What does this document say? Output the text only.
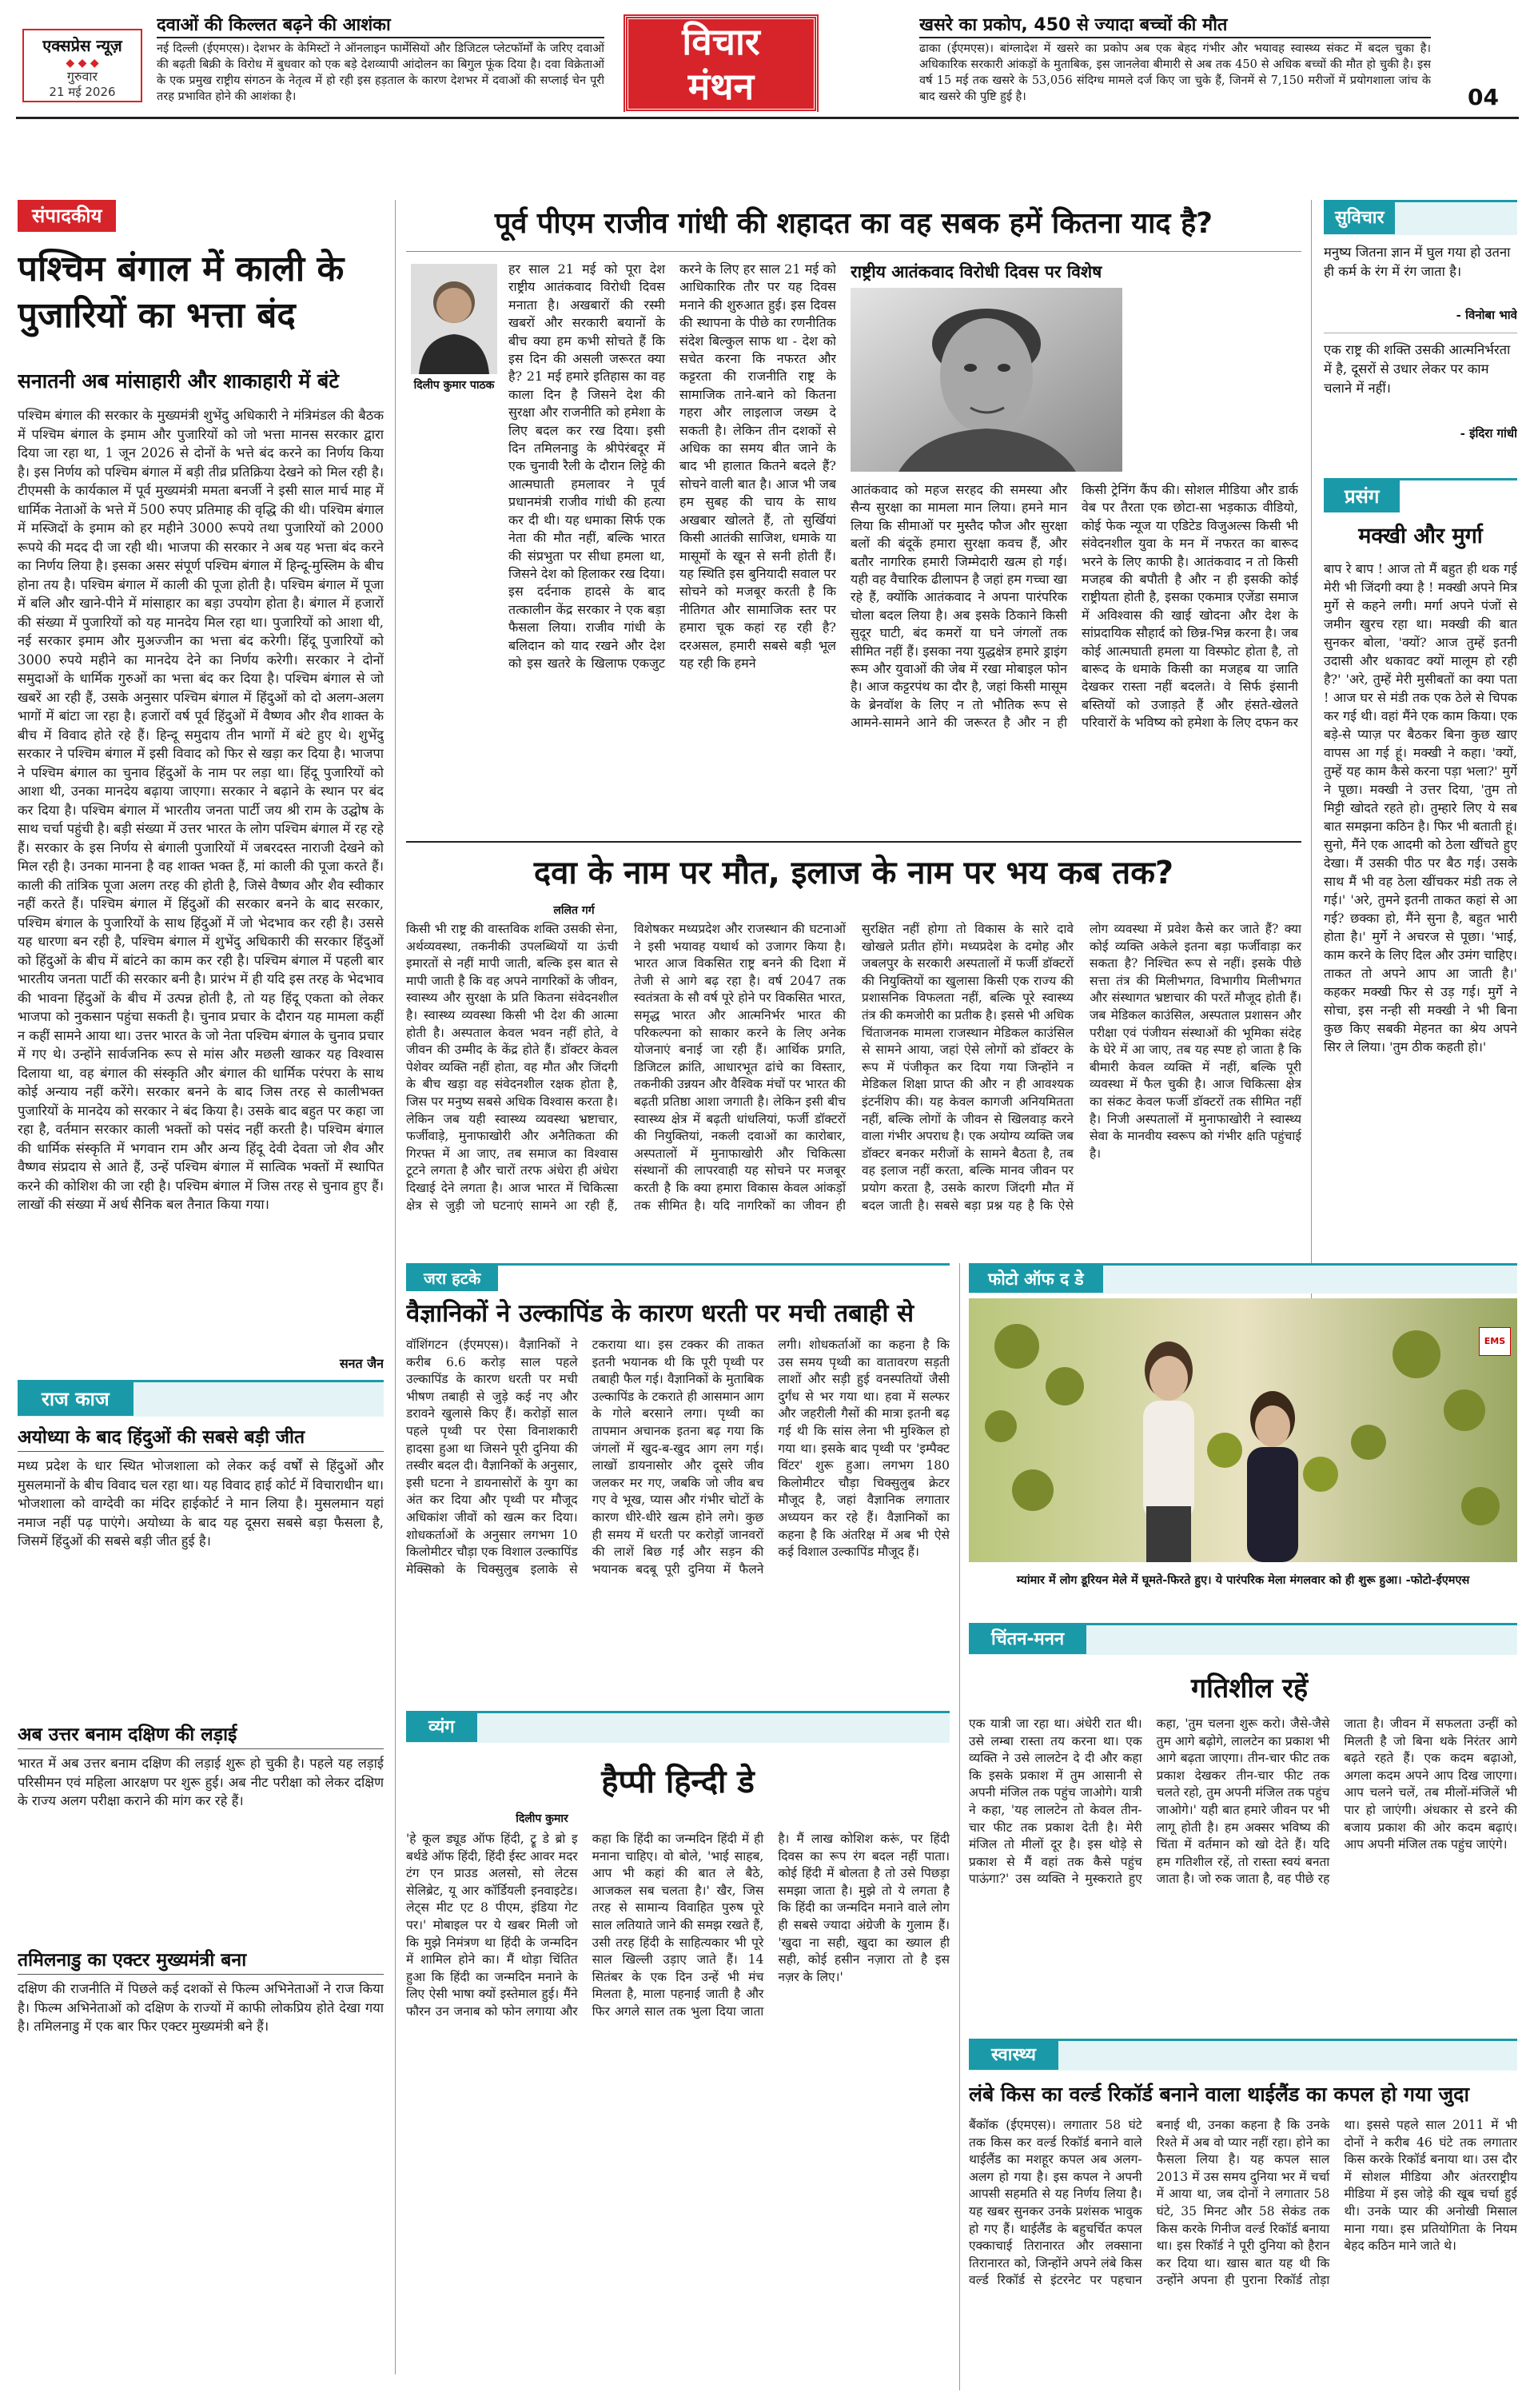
एक्सप्रेस न्यूज़
◆ ◆ ◆
गुरुवार
21 मई 2026
दवाओं की किल्लत बढ़ने की आशंका
नई दिल्ली (ईएमएस)। देशभर के केमिस्टों ने ऑनलाइन फार्मेसियों और डिजिटल प्लेटफॉर्मों के जरिए दवाओं की बढ़ती बिक्री के विरोध में बुधवार को एक बड़े देशव्यापी आंदोलन का बिगुल फूंक दिया है। दवा विक्रेताओं के एक प्रमुख राष्ट्रीय संगठन के नेतृत्व में हो रही इस हड़ताल के कारण देशभर में दवाओं की सप्लाई चेन पूरी तरह प्रभावित होने की आशंका है।
विचार
मंथन
खसरे का प्रकोप, 450 से ज्यादा बच्चों की मौत
ढाका (ईएमएस)। बांग्लादेश में खसरे का प्रकोप अब एक बेहद गंभीर और भयावह स्वास्थ्य संकट में बदल चुका है। अधिकारिक सरकारी आंकड़ों के मुताबिक, इस जानलेवा बीमारी से अब तक 450 से अधिक बच्चों की मौत हो चुकी है। इस वर्ष 15 मई तक खसरे के 53,056 संदिग्ध मामले दर्ज किए जा चुके हैं, जिनमें से 7,150 मरीजों में प्रयोगशाला जांच के बाद खसरे की पुष्टि हुई है।	04
संपादकीय
पश्चिम बंगाल में काली के पुजारियों का भत्ता बंद
सनातनी अब मांसाहारी और शाकाहारी में बंटे
पश्चिम बंगाल की सरकार के मुख्यमंत्री शुभेंदु अधिकारी ने मंत्रिमंडल की बैठक में पश्चिम बंगाल के इमाम और पुजारियों को जो भत्ता मानस सरकार द्वारा दिया जा रहा था, 1 जून 2026 से दोनों के भत्ते बंद करने का निर्णय किया है। इस निर्णय को पश्चिम बंगाल में बड़ी तीव्र प्रतिक्रिया देखने को मिल रही है। टीएमसी के कार्यकाल में पूर्व मुख्यमंत्री ममता बनर्जी ने इसी साल मार्च माह में धार्मिक नेताओं के भत्ते में 500 रुपए प्रतिमाह की वृद्धि की थी। पश्चिम बंगाल में मस्जिदों के इमाम को हर महीने 3000 रूपये तथा पुजारियों को 2000 रूपये की मदद दी जा रही थी। भाजपा की सरकार ने अब यह भत्ता बंद करने का निर्णय लिया है। इसका असर संपूर्ण पश्चिम बंगाल में हिन्दू-मुस्लिम के बीच होना तय है। पश्चिम बंगाल में काली की पूजा होती है। पश्चिम बंगाल में पूजा में बलि और खाने-पीने में मांसाहार का बड़ा उपयोग होता है। बंगाल में हजारों की संख्या में पुजारियों को यह मानदेय मिल रहा था। पुजारियों को आशा थी, नई सरकार इमाम और मुअज्जीन का भत्ता बंद करेगी। हिंदू पुजारियों को 3000 रुपये महीने का मानदेय देने का निर्णय करेगी। सरकार ने दोनों समुदाओं के धार्मिक गुरुओं का भत्ता बंद कर दिया है। पश्चिम बंगाल से जो खबरें आ रही हैं, उसके अनुसार पश्चिम बंगाल में हिंदुओं को दो अलग-अलग भागों में बांटा जा रहा है। हजारों वर्ष पूर्व हिंदुओं में वैष्णव और शैव शाक्त के बीच में विवाद होते रहे हैं। हिन्दू समुदाय तीन भागों में बंटे हुए थे। शुभेंदु सरकार ने पश्चिम बंगाल में इसी विवाद को फिर से खड़ा कर दिया है। भाजपा ने पश्चिम बंगाल का चुनाव हिंदुओं के नाम पर लड़ा था। हिंदू पुजारियों को आशा थी, उनका मानदेय बढ़ाया जाएगा। सरकार ने बढ़ाने के स्थान पर बंद कर दिया है। पश्चिम बंगाल में भारतीय जनता पार्टी जय श्री राम के उद्घोष के साथ चर्चा पहुंची है। बड़ी संख्या में उत्तर भारत के लोग पश्चिम बंगाल में रह रहे हैं। सरकार के इस निर्णय से बंगाली पुजारियों में जबरदस्त नाराजी देखने को मिल रही है। उनका मानना है वह शाक्त भक्त हैं, मां काली की पूजा करते हैं। काली की तांत्रिक पूजा अलग तरह की होती है, जिसे वैष्णव और शैव स्वीकार नहीं करते हैं। पश्चिम बंगाल में हिंदुओं की सरकार बनने के बाद सरकार, पश्चिम बंगाल के पुजारियों के साथ हिंदुओं में जो भेदभाव कर रही है। उससे यह धारणा बन रही है, पश्चिम बंगाल में शुभेंदु अधिकारी की सरकार हिंदुओं को हिंदुओं के बीच में बांटने का काम कर रही है। पश्चिम बंगाल में पहली बार भारतीय जनता पार्टी की सरकार बनी है। प्रारंभ में ही यदि इस तरह के भेदभाव की भावना हिंदुओं के बीच में उत्पन्न होती है, तो यह हिंदू एकता को लेकर भाजपा को नुकसान पहुंचा सकती है। चुनाव प्रचार के दौरान यह मामला कहीं न कहीं सामने आया था। उत्तर भारत के जो नेता पश्चिम बंगाल के चुनाव प्रचार में गए थे। उन्होंने सार्वजनिक रूप से मांस और मछली खाकर यह विश्वास दिलाया था, वह बंगाल की संस्कृति और बंगाल की धार्मिक परंपरा के साथ कोई अन्याय नहीं करेंगे। सरकार बनने के बाद जिस तरह से कालीभक्त पुजारियों के मानदेय को सरकार ने बंद किया है। उसके बाद बहुत पर कहा जा रहा है, वर्तमान सरकार काली भक्तों को पसंद नहीं करती है। पश्चिम बंगाल की धार्मिक संस्कृति में भगवान राम और अन्य हिंदू देवी देवता जो शैव और वैष्णव संप्रदाय से आते हैं, उन्हें पश्चिम बंगाल में सात्विक भक्तों में स्थापित करने की कोशिश की जा रही है। पश्चिम बंगाल में जिस तरह से चुनाव हुए हैं। लाखों की संख्या में अर्ध सैनिक बल तैनात किया गया।
सनत जैन
राज काज
अयोध्या के बाद हिंदुओं की सबसे बड़ी जीत
मध्य प्रदेश के धार स्थित भोजशाला को लेकर कई वर्षों से हिंदुओं और मुसलमानों के बीच विवाद चल रहा था। यह विवाद हाई कोर्ट में विचाराधीन था। भोजशाला को वाग्देवी का मंदिर हाईकोर्ट ने मान लिया है। मुसलमान यहां नमाज नहीं पढ़ पाएंगे। अयोध्या के बाद यह दूसरा सबसे बड़ा फैसला है, जिसमें हिंदुओं की सबसे बड़ी जीत हुई है।
अब उत्तर बनाम दक्षिण की लड़ाई
भारत में अब उत्तर बनाम दक्षिण की लड़ाई शुरू हो चुकी है। पहले यह लड़ाई परिसीमन एवं महिला आरक्षण पर शुरू हुई। अब नीट परीक्षा को लेकर दक्षिण के राज्य अलग परीक्षा कराने की मांग कर रहे हैं।
तमिलनाडु का एक्टर मुख्यमंत्री बना
दक्षिण की राजनीति में पिछले कई दशकों से फिल्म अभिनेताओं ने राज किया है। फिल्म अभिनेताओं को दक्षिण के राज्यों में काफी लोकप्रिय होते देखा गया है। तमिलनाडु में एक बार फिर एक्टर मुख्यमंत्री बने हैं।
पूर्व पीएम राजीव गांधी की शहादत का वह सबक हमें कितना याद है?
दिलीप कुमार पाठक
हर साल 21 मई को पूरा देश राष्ट्रीय आतंकवाद विरोधी दिवस मनाता है। अखबारों की रस्मी खबरों और सरकारी बयानों के बीच क्या हम कभी सोचते हैं कि इस दिन की असली जरूरत क्या है? 21 मई हमारे इतिहास का वह काला दिन है जिसने देश की सुरक्षा और राजनीति को हमेशा के लिए बदल कर रख दिया। इसी दिन तमिलनाडु के श्रीपेरंबदूर में एक चुनावी रैली के दौरान लिट्टे की आत्मघाती हमलावर ने पूर्व प्रधानमंत्री राजीव गांधी की हत्या कर दी थी। यह धमाका सिर्फ एक नेता की मौत नहीं, बल्कि भारत की संप्रभुता पर सीधा हमला था, जिसने देश को हिलाकर रख दिया। इस दर्दनाक हादसे के बाद तत्कालीन केंद्र सरकार ने एक बड़ा फैसला लिया। राजीव गांधी के बलिदान को याद रखने और देश को इस खतरे के खिलाफ एकजुट करने के लिए हर साल 21 मई को आधिकारिक तौर पर यह दिवस मनाने की शुरुआत हुई। इस दिवस की स्थापना के पीछे का रणनीतिक संदेश बिल्कुल साफ था - देश को सचेत करना कि नफरत और कट्टरता की राजनीति राष्ट्र के सामाजिक ताने-बाने को कितना गहरा और लाइलाज जख्म दे सकती है। लेकिन तीन दशकों से अधिक का समय बीत जाने के बाद भी हालात कितने बदले हैं? सोचने वाली बात है। आज भी जब हम सुबह की चाय के साथ अखबार खोलते हैं, तो सुर्खियां किसी आतंकी साजिश, धमाके या मासूमों के खून से सनी होती हैं। यह स्थिति इस बुनियादी सवाल पर सोचने को मजबूर करती है कि नीतिगत और सामाजिक स्तर पर हमारा चूक कहां रह रही है? दरअसल, हमारी सबसे बड़ी भूल यह रही कि हमने
राष्ट्रीय आतंकवाद विरोधी दिवस पर विशेष
आतंकवाद को महज सरहद की समस्या और सैन्य सुरक्षा का मामला मान लिया। हमने मान लिया कि सीमाओं पर मुस्तैद फौज और सुरक्षा बलों की बंदूकें हमारा सुरक्षा कवच हैं, और बतौर नागरिक हमारी जिम्मेदारी खत्म हो गई। यही वह वैचारिक ढीलापन है जहां हम गच्चा खा रहे हैं, क्योंकि आतंकवाद ने अपना पारंपरिक चोला बदल लिया है। अब इसके ठिकाने किसी सुदूर घाटी, बंद कमरों या घने जंगलों तक सीमित नहीं हैं। इसका नया युद्धक्षेत्र हमारे ड्राइंग रूम और युवाओं की जेब में रखा मोबाइल फोन है। आज कट्टरपंथ का दौर है, जहां किसी मासूम के ब्रेनवॉश के लिए न तो भौतिक रूप से आमने-सामने आने की जरूरत है और न ही किसी ट्रेनिंग कैंप की। सोशल मीडिया और डार्क वेब पर तैरता एक छोटा-सा भड़काऊ वीडियो, कोई फेक न्यूज या एडिटेड विजुअल्स किसी भी संवेदनशील युवा के मन में नफरत का बारूद भरने के लिए काफी है। आतंकवाद न तो किसी मजहब की बपौती है और न ही इसकी कोई राष्ट्रीयता होती है, इसका एकमात्र एजेंडा समाज में अविश्वास की खाई खोदना और देश के सांप्रदायिक सौहार्द को छिन्न-भिन्न करना है। जब कोई आत्मघाती हमला या विस्फोट होता है, तो बारूद के धमाके किसी का मजहब या जाति देखकर रास्ता नहीं बदलते। वे सिर्फ इंसानी बस्तियों को उजाड़ते हैं और हंसते-खेलते परिवारों के भविष्य को हमेशा के लिए दफन कर
दवा के नाम पर मौत, इलाज के नाम पर भय कब तक?
ललित गर्ग
किसी भी राष्ट्र की वास्तविक शक्ति उसकी सेना, अर्थव्यवस्था, तकनीकी उपलब्धियों या ऊंची इमारतों से नहीं मापी जाती, बल्कि इस बात से मापी जाती है कि वह अपने नागरिकों के जीवन, स्वास्थ्य और सुरक्षा के प्रति कितना संवेदनशील है। स्वास्थ्य व्यवस्था किसी भी देश की आत्मा होती है। अस्पताल केवल भवन नहीं होते, वे जीवन की उम्मीद के केंद्र होते हैं। डॉक्टर केवल पेशेवर व्यक्ति नहीं होता, वह मौत और जिंदगी के बीच खड़ा वह संवेदनशील रक्षक होता है, जिस पर मनुष्य सबसे अधिक विश्वास करता है। लेकिन जब यही स्वास्थ्य व्यवस्था भ्रष्टाचार, फर्जीवाड़े, मुनाफाखोरी और अनैतिकता की गिरफ्त में आ जाए, तब समाज का विश्वास टूटने लगता है और चारों तरफ अंधेरा ही अंधेरा दिखाई देने लगता है। आज भारत में चिकित्सा क्षेत्र से जुड़ी जो घटनाएं सामने आ रही हैं, विशेषकर मध्यप्रदेश और राजस्थान की घटनाओं ने इसी भयावह यथार्थ को उजागर किया है। भारत आज विकसित राष्ट्र बनने की दिशा में तेजी से आगे बढ़ रहा है। वर्ष 2047 तक स्वतंत्रता के सौ वर्ष पूरे होने पर विकसित भारत, समृद्ध भारत और आत्मनिर्भर भारत की परिकल्पना को साकार करने के लिए अनेक योजनाएं बनाई जा रही हैं। आर्थिक प्रगति, डिजिटल क्रांति, आधारभूत ढांचे का विस्तार, तकनीकी उन्नयन और वैश्विक मंचों पर भारत की बढ़ती प्रतिष्ठा आशा जगाती है। लेकिन इसी बीच स्वास्थ्य क्षेत्र में बढ़ती धांधलियां, फर्जी डॉक्टरों की नियुक्तियां, नकली दवाओं का कारोबार, अस्पतालों में मुनाफाखोरी और चिकित्सा संस्थानों की लापरवाही यह सोचने पर मजबूर करती है कि क्या हमारा विकास केवल आंकड़ों तक सीमित है। यदि नागरिकों का जीवन ही सुरक्षित नहीं होगा तो विकास के सारे दावे खोखले प्रतीत होंगे। मध्यप्रदेश के दमोह और जबलपुर के सरकारी अस्पतालों में फर्जी डॉक्टरों की नियुक्तियों का खुलासा किसी एक राज्य की प्रशासनिक विफलता नहीं, बल्कि पूरे स्वास्थ्य तंत्र की कमजोरी का प्रतीक है। इससे भी अधिक चिंताजनक मामला राजस्थान मेडिकल काउंसिल से सामने आया, जहां ऐसे लोगों को डॉक्टर के रूप में पंजीकृत कर दिया गया जिन्होंने न मेडिकल शिक्षा प्राप्त की और न ही आवश्यक इंटर्नशिप की। यह केवल कागजी अनियमितता नहीं, बल्कि लोगों के जीवन से खिलवाड़ करने वाला गंभीर अपराध है। एक अयोग्य व्यक्ति जब डॉक्टर बनकर मरीजों के सामने बैठता है, तब वह इलाज नहीं करता, बल्कि मानव जीवन पर प्रयोग करता है, उसके कारण जिंदगी मौत में बदल जाती है। सबसे बड़ा प्रश्न यह है कि ऐसे लोग व्यवस्था में प्रवेश कैसे कर जाते हैं? क्या कोई व्यक्ति अकेले इतना बड़ा फर्जीवाड़ा कर सकता है? निश्चित रूप से नहीं। इसके पीछे सत्ता तंत्र की मिलीभगत, विभागीय मिलीभगत और संस्थागत भ्रष्टाचार की परतें मौजूद होती हैं। जब मेडिकल काउंसिल, अस्पताल प्रशासन और परीक्षा एवं पंजीयन संस्थाओं की भूमिका संदेह के घेरे में आ जाए, तब यह स्पष्ट हो जाता है कि बीमारी केवल व्यक्ति में नहीं, बल्कि पूरी व्यवस्था में फैल चुकी है। आज चिकित्सा क्षेत्र का संकट केवल फर्जी डॉक्टरों तक सीमित नहीं है। निजी अस्पतालों में मुनाफाखोरी ने स्वास्थ्य सेवा के मानवीय स्वरूप को गंभीर क्षति पहुंचाई है।
सुविचार
मनुष्य जितना ज्ञान में घुल गया हो उतना ही कर्म के रंग में रंग जाता है।
- विनोबा भावे
एक राष्ट्र की शक्ति उसकी आत्मनिर्भरता में है, दूसरों से उधार लेकर पर काम चलाने में नहीं।
- इंदिरा गांधी
प्रसंग
मक्खी और मुर्गा
बाप रे बाप ! आज तो मैं बहुत ही थक गई मेरी भी जिंदगी क्या है ! मक्खी अपने मित्र मुर्गे से कहने लगी। मर्गा अपने पंजों से जमीन खुरच रहा था। मक्खी की बात सुनकर बोला, 'क्यों? आज तुम्हें इतनी उदासी और थकावट क्यों मालूम हो रही है?' 'अरे, तुम्हें मेरी मुसीबतों का क्या पता ! आज घर से मंडी तक एक ठेले से चिपक कर गई थी। वहां मैंने एक काम किया। एक बड़े-से प्याज़ पर बैठकर बिना कुछ खाए वापस आ गई हूं। मक्खी ने कहा। 'क्यों, तुम्हें यह काम कैसे करना पड़ा भला?' मुर्गे ने पूछा। मक्खी ने उत्तर दिया, 'तुम तो मिट्टी खोदते रहते हो। तुम्हारे लिए ये सब बात समझना कठिन है। फिर भी बताती हूं। सुनो, मैंने एक आदमी को ठेला खींचते हुए देखा। मैं उसकी पीठ पर बैठ गई। उसके साथ मैं भी वह ठेला खींचकर मंडी तक ले गई।' 'अरे, तुमने इतनी ताकत कहां से आ गई? छक्का हो, मैंने सुना है, बहुत भारी होता है।' मुर्गे ने अचरज से पूछा। 'भाई, काम करने के लिए दिल और उमंग चाहिए। ताकत तो अपने आप आ जाती है।' कहकर मक्खी फिर से उड़ गई। मुर्गे ने सोचा, इस नन्ही सी मक्खी ने भी बिना कुछ किए सबकी मेहनत का श्रेय अपने सिर ले लिया। 'तुम ठीक कहती हो।'
जरा हटके
वैज्ञानिकों ने उल्कापिंड के कारण धरती पर मची तबाही से
वॉशिंगटन (ईएमएस)। वैज्ञानिकों ने करीब 6.6 करोड़ साल पहले उल्कापिंड के कारण धरती पर मची भीषण तबाही से जुड़े कई नए और डरावने खुलासे किए हैं। करोड़ों साल पहले पृथ्वी पर ऐसा विनाशकारी हादसा हुआ था जिसने पूरी दुनिया की तस्वीर बदल दी। वैज्ञानिकों के अनुसार, इसी घटना ने डायनासोरों के युग का अंत कर दिया और पृथ्वी पर मौजूद अधिकांश जीवों को खत्म कर दिया। शोधकर्ताओं के अनुसार लगभग 10 किलोमीटर चौड़ा एक विशाल उल्कापिंड मेक्सिको के चिक्सुलुब इलाके से टकराया था। इस टक्कर की ताकत इतनी भयानक थी कि पूरी पृथ्वी पर तबाही फैल गई। वैज्ञानिकों के मुताबिक उल्कापिंड के टकराते ही आसमान आग के गोले बरसाने लगा। पृथ्वी का तापमान अचानक इतना बढ़ गया कि जंगलों में खुद-ब-खुद आग लग गई। लाखों डायनासोर और दूसरे जीव जलकर मर गए, जबकि जो जीव बच गए वे भूख, प्यास और गंभीर चोटों के कारण धीरे-धीरे खत्म होने लगे। कुछ ही समय में धरती पर करोड़ों जानवरों की लाशें बिछ गईं और सड़न की भयानक बदबू पूरी दुनिया में फैलने लगी। शोधकर्ताओं का कहना है कि उस समय पृथ्वी का वातावरण सड़ती लाशों और सड़ी हुई वनस्पतियों जैसी दुर्गंध से भर गया था। हवा में सल्फर और जहरीली गैसों की मात्रा इतनी बढ़ गई थी कि सांस लेना भी मुश्किल हो गया था। इसके बाद पृथ्वी पर 'इम्पैक्ट विंटर' शुरू हुआ। लगभग 180 किलोमीटर चौड़ा चिक्सुलुब क्रेटर मौजूद है, जहां वैज्ञानिक लगातार अध्ययन कर रहे हैं। वैज्ञानिकों का कहना है कि अंतरिक्ष में अब भी ऐसे कई विशाल उल्कापिंड मौजूद हैं।
फोटो ऑफ द डे
EMS
म्यांमार में लोग डूरियन मेले में घूमते-फिरते हुए। ये पारंपरिक मेला मंगलवार को ही शुरू हुआ। -फोटो-ईएमएस
व्यंग
हैप्पी हिन्दी डे
दिलीप कुमार
'हे कूल ड्यूड ऑफ हिंदी, ट्रू डे ब्रो इ बर्थडे ऑफ हिंदी, हिंदी ईस्ट आवर मदर टंग एन प्राउड अलसो, सो लेटस सेलिब्रेट, यू आर कॉर्डियली इनवाइटेड। लेट्स मीट एट 8 पीएम, इंडिया गेट पर।' मोबाइल पर ये खबर मिली जो कि मुझे निमंत्रण था हिंदी के जन्मदिन में शामिल होने का। मैं थोड़ा चिंतित हुआ कि हिंदी का जन्मदिन मनाने के लिए ऐसी भाषा क्यों इस्तेमाल हुई। मैंने फौरन उन जनाब को फोन लगाया और कहा कि हिंदी का जन्मदिन हिंदी में ही मनाना चाहिए। वो बोले, 'भाई साहब, आप भी कहां की बात ले बैठे, आजकल सब चलता है।' खैर, जिस तरह से सामान्य विवाहित पुरुष पूरे साल लतियाते जाने की समझ रखते हैं, उसी तरह हिंदी के साहित्यकार भी पूरे साल खिल्ली उड़ाए जाते हैं। 14 सितंबर के एक दिन उन्हें भी मंच मिलता है, माला पहनाई जाती है और फिर अगले साल तक भुला दिया जाता है। मैं लाख कोशिश करूं, पर हिंदी दिवस का रूप रंग बदल नहीं पाता। कोई हिंदी में बोलता है तो उसे पिछड़ा समझा जाता है। मुझे तो ये लगता है कि हिंदी का जन्मदिन मनाने वाले लोग ही सबसे ज्यादा अंग्रेजी के गुलाम हैं। 'खुदा ना सही, खुदा का ख्याल ही सही, कोई हसीन नज़ारा तो है इस नज़र के लिए।'
चिंतन-मनन
गतिशील रहें
एक यात्री जा रहा था। अंधेरी रात थी। उसे लम्बा रास्ता तय करना था। एक व्यक्ति ने उसे लालटेन दे दी और कहा कि इसके प्रकाश में तुम आसानी से अपनी मंजिल तक पहुंच जाओगे। यात्री ने कहा, 'यह लालटेन तो केवल तीन-चार फीट तक प्रकाश देती है। मेरी मंजिल तो मीलों दूर है। इस थोड़े से प्रकाश से मैं वहां तक कैसे पहुंच पाऊंगा?' उस व्यक्ति ने मुस्कराते हुए कहा, 'तुम चलना शुरू करो। जैसे-जैसे तुम आगे बढ़ोगे, लालटेन का प्रकाश भी आगे बढ़ता जाएगा। तीन-चार फीट तक प्रकाश देखकर तीन-चार फीट तक चलते रहो, तुम अपनी मंजिल तक पहुंच जाओगे।' यही बात हमारे जीवन पर भी लागू होती है। हम अक्सर भविष्य की चिंता में वर्तमान को खो देते हैं। यदि हम गतिशील रहें, तो रास्ता स्वयं बनता जाता है। जो रुक जाता है, वह पीछे रह जाता है। जीवन में सफलता उन्हीं को मिलती है जो बिना थके निरंतर आगे बढ़ते रहते हैं। एक कदम बढ़ाओ, अगला कदम अपने आप दिख जाएगा। आप चलने चलें, तब मीलों-मंजिलें भी पार हो जाएंगी। अंधकार से डरने की बजाय प्रकाश की ओर कदम बढ़ाएं। आप अपनी मंजिल तक पहुंच जाएंगे।
स्वास्थ्य
लंबे किस का वर्ल्ड रिकॉर्ड बनाने वाला थाईलैंड का कपल हो गया जुदा
बैंकॉक (ईएमएस)। लगातार 58 घंटे तक किस कर वर्ल्ड रिकॉर्ड बनाने वाले थाईलैंड का मशहूर कपल अब अलग-अलग हो गया है। इस कपल ने अपनी आपसी सहमति से यह निर्णय लिया है। यह खबर सुनकर उनके प्रशंसक भावुक हो गए हैं। थाईलैंड के बहुचर्चित कपल एक्काचाई तिरानारत और लक्साना तिरानारत को, जिन्होंने अपने लंबे किस वर्ल्ड रिकॉर्ड से इंटरनेट पर पहचान बनाई थी, उनका कहना है कि उनके रिश्ते में अब वो प्यार नहीं रहा। होने का फैसला लिया है। यह कपल साल 2013 में उस समय दुनिया भर में चर्चा में आया था, जब दोनों ने लगातार 58 घंटे, 35 मिनट और 58 सेकंड तक किस करके गिनीज वर्ल्ड रिकॉर्ड बनाया था। इस रिकॉर्ड ने पूरी दुनिया को हैरान कर दिया था। खास बात यह थी कि उन्होंने अपना ही पुराना रिकॉर्ड तोड़ा था। इससे पहले साल 2011 में भी दोनों ने करीब 46 घंटे तक लगातार किस करके रिकॉर्ड बनाया था। उस दौर में सोशल मीडिया और अंतरराष्ट्रीय मीडिया में इस जोड़े की खूब चर्चा हुई थी। उनके प्यार की अनोखी मिसाल माना गया। इस प्रतियोगिता के नियम बेहद कठिन माने जाते थे।
